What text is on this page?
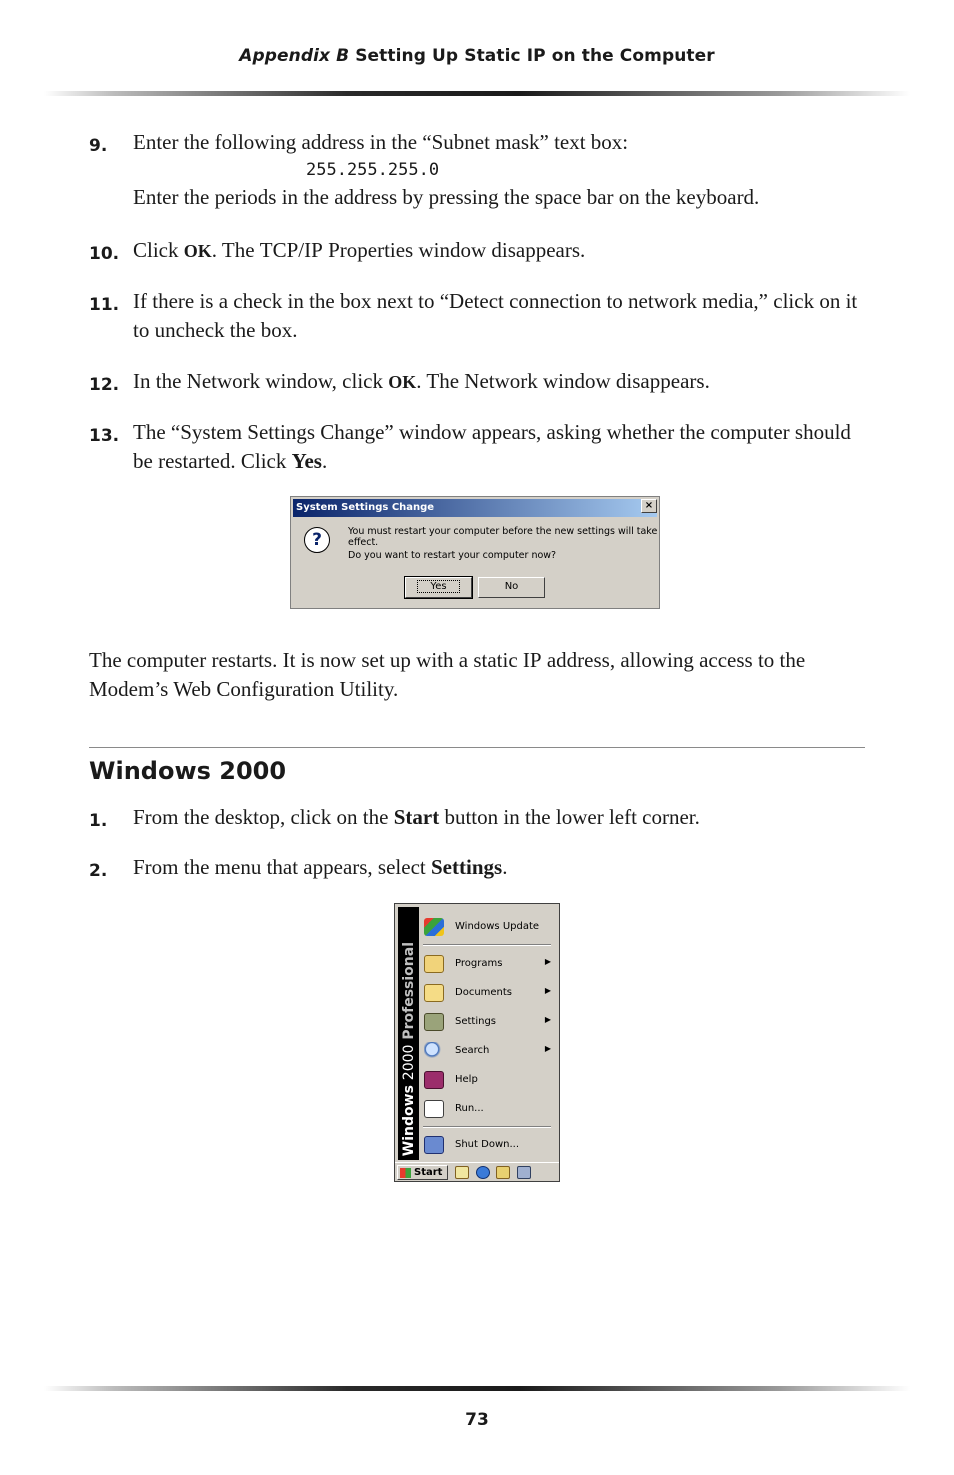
Appendix B Setting Up Static IP on the Computer
9. Enter the following address in the “Subnet mask” text box:
255.255.255.0
Enter the periods in the address by pressing the space bar on the keyboard.
10. Click OK. The TCP/IP Properties window disappears.
11. If there is a check in the box next to “Detect connection to network media,” click on it to uncheck the box.
12. In the Network window, click OK. The Network window disappears.
13. The “System Settings Change” window appears, asking whether the computer should be restarted. Click Yes.
System Settings Change	×
?	You must restart your computer before the new settings will take effect.
Do you want to restart your computer now?
Yes	No
The computer restarts. It is now set up with a static IP address, allowing access to the Modem’s Web Configuration Utility.
Windows 2000
1. From the desktop, click on the Start button in the lower left corner.
2. From the menu that appears, select Settings.
Windows 2000 Professional
Windows Update
Programs	▶
Documents	▶
Settings	▶
Search	▶
Help
Run...
Shut Down...
Start
73
